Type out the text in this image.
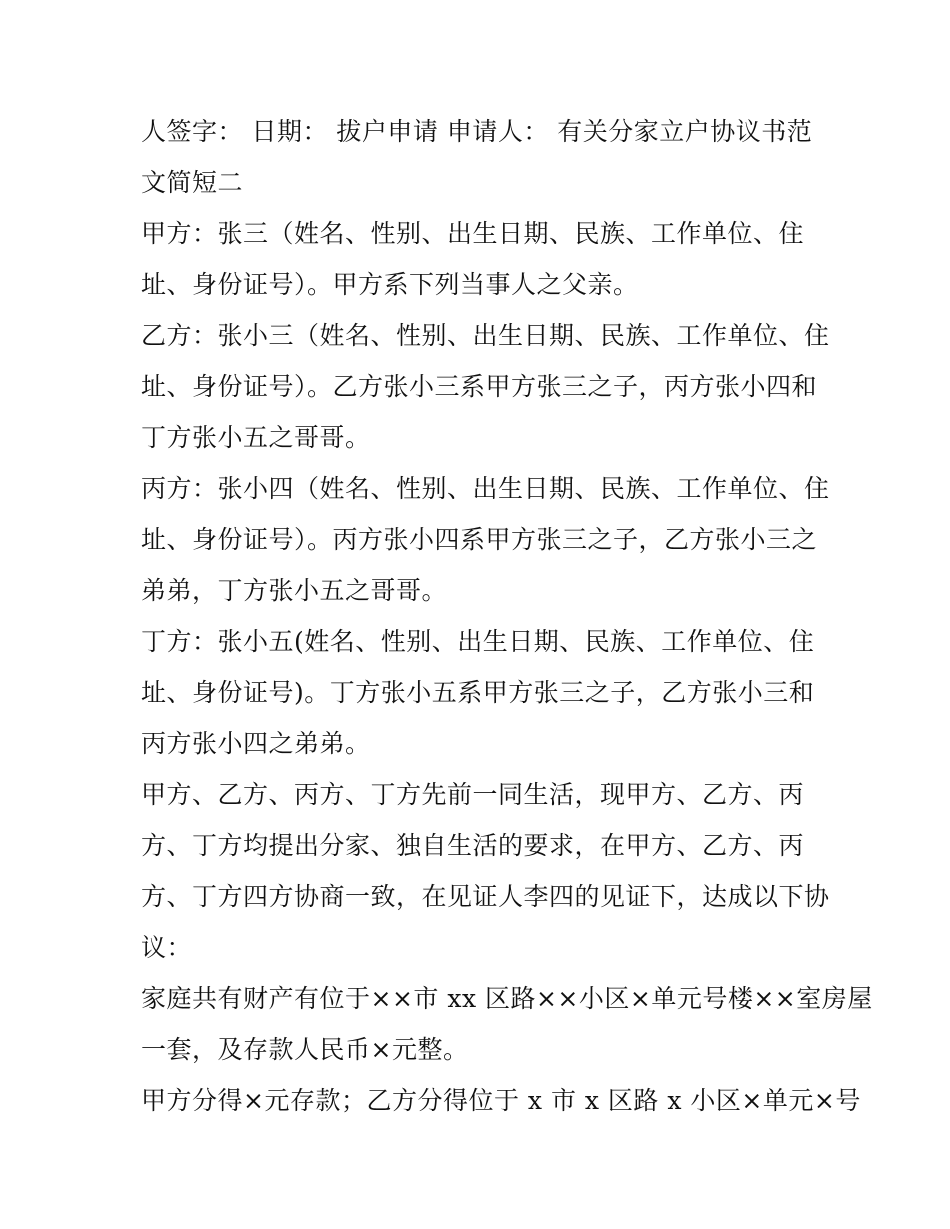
人签字： 日期： 拔户申请 申请人： 有关分家立户协议书范
文简短二
甲方：张三（姓名、性别、出生日期、民族、工作单位、住
址、身份证号）。甲方系下列当事人之父亲。
乙方：张小三（姓名、性别、出生日期、民族、工作单位、住
址、身份证号）。乙方张小三系甲方张三之子，丙方张小四和
丁方张小五之哥哥。
丙方：张小四（姓名、性别、出生日期、民族、工作单位、住
址、身份证号）。丙方张小四系甲方张三之子，乙方张小三之
弟弟，丁方张小五之哥哥。
丁方：张小五(姓名、性别、出生日期、民族、工作单位、住
址、身份证号)。丁方张小五系甲方张三之子，乙方张小三和
丙方张小四之弟弟。
甲方、乙方、丙方、丁方先前一同生活，现甲方、乙方、丙
方、丁方均提出分家、独自生活的要求，在甲方、乙方、丙
方、丁方四方协商一致，在见证人李四的见证下，达成以下协
议：
家庭共有财产有位于××市 xx 区路××小区×单元号楼××室房屋
一套，及存款人民币×元整。
甲方分得×元存款；乙方分得位于 x 市 x 区路 x 小区×单元×号
